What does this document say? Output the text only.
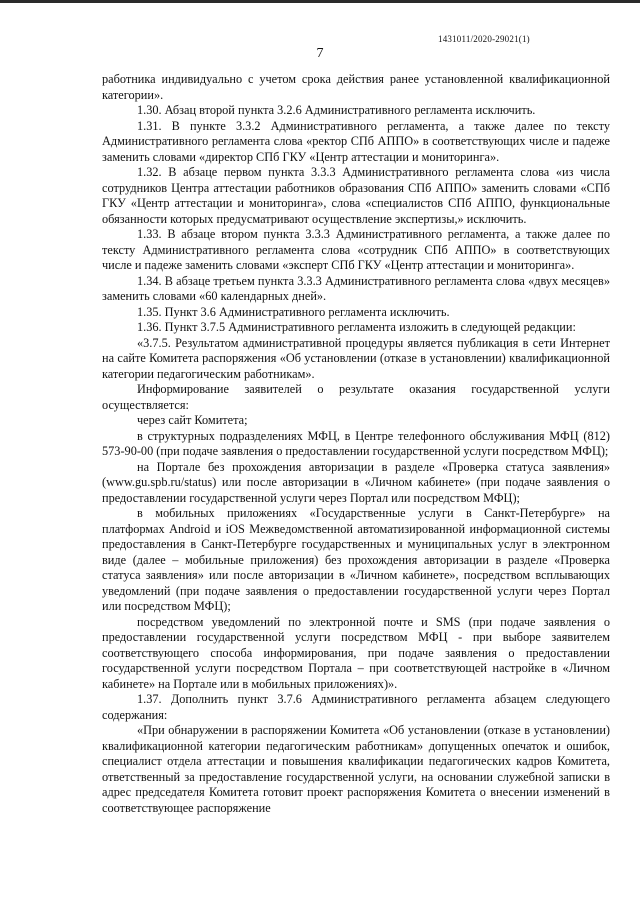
1431011/2020-29021(1)
7

работника индивидуально с учетом срока действия ранее установленной квалификационной категории».

1.30. Абзац второй пункта 3.2.6 Административного регламента исключить.

1.31. В пункте 3.3.2 Административного регламента, а также далее по тексту Административного регламента слова «ректор СПб АППО» в соответствующих числе и падеже заменить словами «директор СПб ГКУ «Центр аттестации и мониторинга».

1.32. В абзаце первом пункта 3.3.3 Административного регламента слова «из числа сотрудников Центра аттестации работников образования СПб АППО» заменить словами «СПб ГКУ «Центр аттестации и мониторинга», слова «специалистов СПб АППО, функциональные обязанности которых предусматривают осуществление экспертизы,» исключить.

1.33. В абзаце втором пункта 3.3.3 Административного регламента, а также далее по тексту Административного регламента слова «сотрудник СПб АППО» в соответствующих числе и падеже заменить словами «эксперт СПб ГКУ «Центр аттестации и мониторинга».

1.34. В абзаце третьем пункта 3.3.3 Административного регламента слова «двух месяцев» заменить словами «60 календарных дней».

1.35. Пункт 3.6 Административного регламента исключить.

1.36. Пункт 3.7.5 Административного регламента изложить в следующей редакции:

«3.7.5. Результатом административной процедуры является публикация в сети Интернет на сайте Комитета распоряжения «Об установлении (отказе в установлении) квалификационной категории педагогическим работникам».

Информирование заявителей о результате оказания государственной услуги осуществляется:

через сайт Комитета;

в структурных подразделениях МФЦ, в Центре телефонного обслуживания МФЦ (812) 573-90-00 (при подаче заявления о предоставлении государственной услуги посредством МФЦ);

на Портале без прохождения авторизации в разделе «Проверка статуса заявления» (www.gu.spb.ru/status) или после авторизации в «Личном кабинете» (при подаче заявления о предоставлении государственной услуги через Портал или посредством МФЦ);

в мобильных приложениях «Государственные услуги в Санкт-Петербурге» на платформах Android и iOS Межведомственной автоматизированной информационной системы предоставления в Санкт-Петербурге государственных и муниципальных услуг в электронном виде (далее – мобильные приложения) без прохождения авторизации в разделе «Проверка статуса заявления» или после авторизации в «Личном кабинете», посредством всплывающих уведомлений (при подаче заявления о предоставлении государственной услуги через Портал или посредством МФЦ);

посредством уведомлений по электронной почте и SMS (при подаче заявления о предоставлении государственной услуги посредством МФЦ - при выборе заявителем соответствующего способа информирования, при подаче заявления о предоставлении государственной услуги посредством Портала – при соответствующей настройке в «Личном кабинете» на Портале или в мобильных приложениях)».

1.37. Дополнить пункт 3.7.6 Административного регламента абзацем следующего содержания:

«При обнаружении в распоряжении Комитета «Об установлении (отказе в установлении) квалификационной категории педагогическим работникам» допущенных опечаток и ошибок, специалист отдела аттестации и повышения квалификации педагогических кадров Комитета, ответственный за предоставление государственной услуги, на основании служебной записки в адрес председателя Комитета готовит проект распоряжения Комитета о внесении изменений в соответствующее распоряжение
